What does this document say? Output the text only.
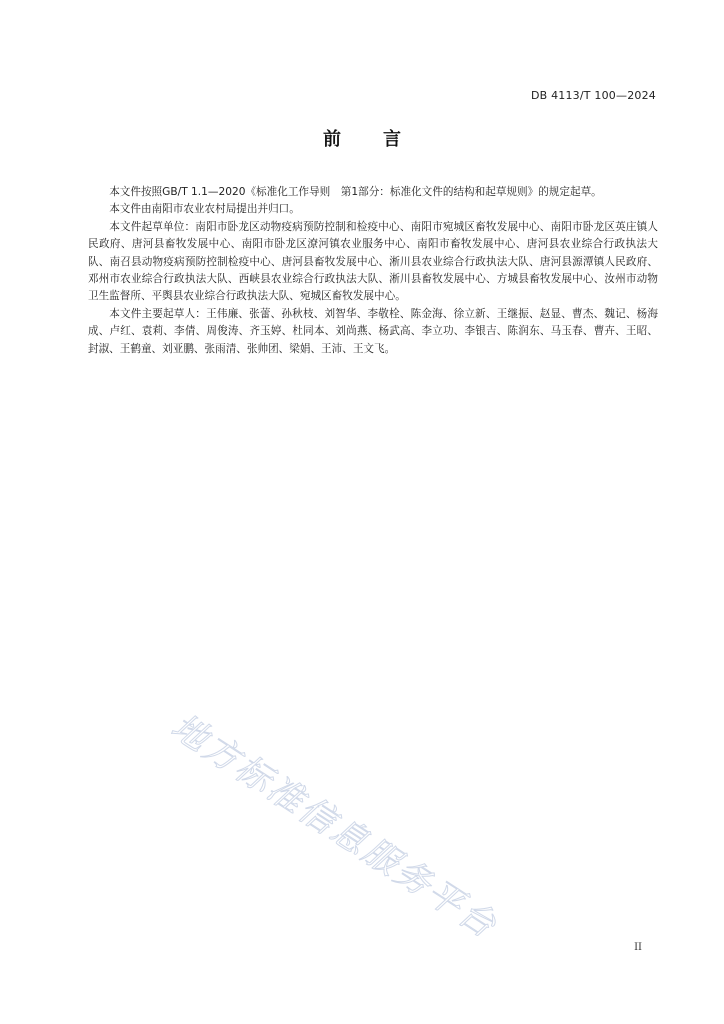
DB 4113/T 100—2024
前言

本文件按照GB/T 1.1—2020《标准化工作导则　第1部分：标准化文件的结构和起草规则》的规定起草。

本文件由南阳市农业农村局提出并归口。

本文件起草单位：南阳市卧龙区动物疫病预防控制和检疫中心、南阳市宛城区畜牧发展中心、南阳市卧龙区英庄镇人民政府、唐河县畜牧发展中心、南阳市卧龙区潦河镇农业服务中心、南阳市畜牧发展中心、唐河县农业综合行政执法大队、南召县动物疫病预防控制检疫中心、唐河县畜牧发展中心、淅川县农业综合行政执法大队、唐河县源潭镇人民政府、邓州市农业综合行政执法大队、西峡县农业综合行政执法大队、淅川县畜牧发展中心、方城县畜牧发展中心、汝州市动物卫生监督所、平舆县农业综合行政执法大队、宛城区畜牧发展中心。

本文件主要起草人：王伟廉、张蕾、孙秋枝、刘智华、李敬栓、陈金海、徐立新、王继振、赵显、曹杰、魏记、杨海成、卢红、袁莉、李倩、周俊涛、齐玉婷、杜同本、刘尚燕、杨武高、李立功、李银吉、陈润东、马玉春、曹卉、王昭、封淑、王鹤童、刘亚鹏、张雨清、张帅团、梁娟、王沛、王文飞。

地方标准信息服务平台
II
